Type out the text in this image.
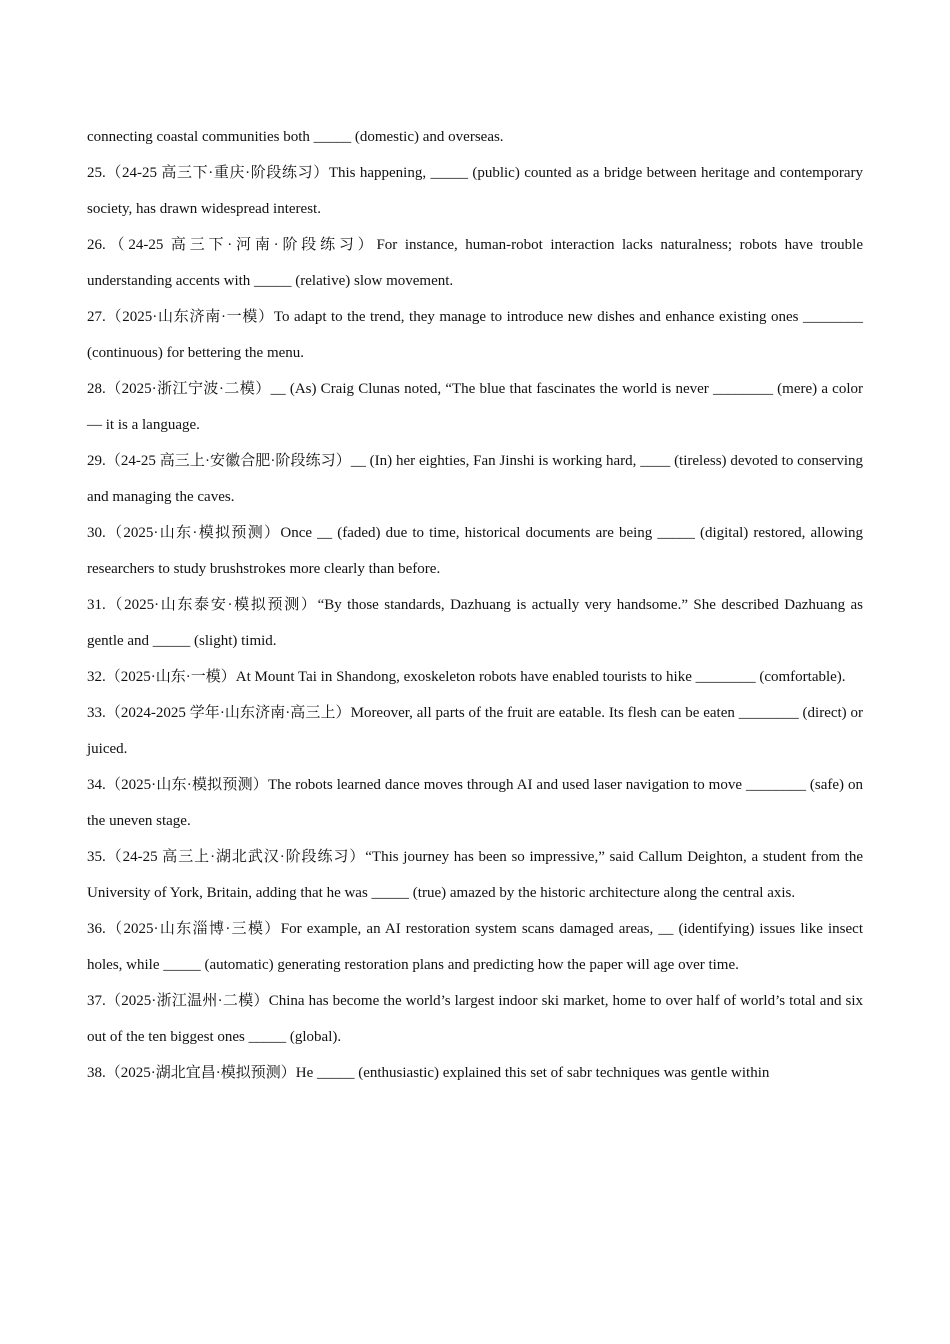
connecting coastal communities both _____ (domestic) and overseas.

25.（24-25 高三下·重庆·阶段练习）This happening, _____ (public) counted as a bridge between heritage and contemporary society, has drawn widespread interest.

26.（24-25 高三下·河南·阶段练习）For instance, human-robot interaction lacks naturalness; robots have trouble understanding accents with _____ (relative) slow movement.

27.（2025·山东济南·一模）To adapt to the trend, they manage to introduce new dishes and enhance existing ones ________ (continuous) for bettering the menu.

28.（2025·浙江宁波·二模）__ (As) Craig Clunas noted, “The blue that fascinates the world is never ________ (mere) a color — it is a language.

29.（24-25 高三上·安徽合肥·阶段练习）__ (In) her eighties, Fan Jinshi is working hard, ____ (tireless) devoted to conserving and managing the caves.

30.（2025·山东·模拟预测）Once __ (faded) due to time, historical documents are being _____ (digital) restored, allowing researchers to study brushstrokes more clearly than before.

31.（2025·山东泰安·模拟预测）“By those standards, Dazhuang is actually very handsome.” She described Dazhuang as gentle and _____ (slight) timid.

32.（2025·山东·一模）At Mount Tai in Shandong, exoskeleton robots have enabled tourists to hike ________ (comfortable).

33.（2024-2025 学年·山东济南·高三上）Moreover, all parts of the fruit are eatable. Its flesh can be eaten ________ (direct) or juiced.

34.（2025·山东·模拟预测）The robots learned dance moves through AI and used laser navigation to move ________ (safe) on the uneven stage.

35.（24-25 高三上·湖北武汉·阶段练习）“This journey has been so impressive,” said Callum Deighton, a student from the University of York, Britain, adding that he was _____ (true) amazed by the historic architecture along the central axis.

36.（2025·山东淄博·三模）For example, an AI restoration system scans damaged areas, __ (identifying) issues like insect holes, while _____ (automatic) generating restoration plans and predicting how the paper will age over time.

37.（2025·浙江温州·二模）China has become the world’s largest indoor ski market, home to over half of world’s total and six out of the ten biggest ones _____ (global).

38.（2025·湖北宜昌·模拟预测）He _____ (enthusiastic) explained this set of sabr techniques was gentle within
